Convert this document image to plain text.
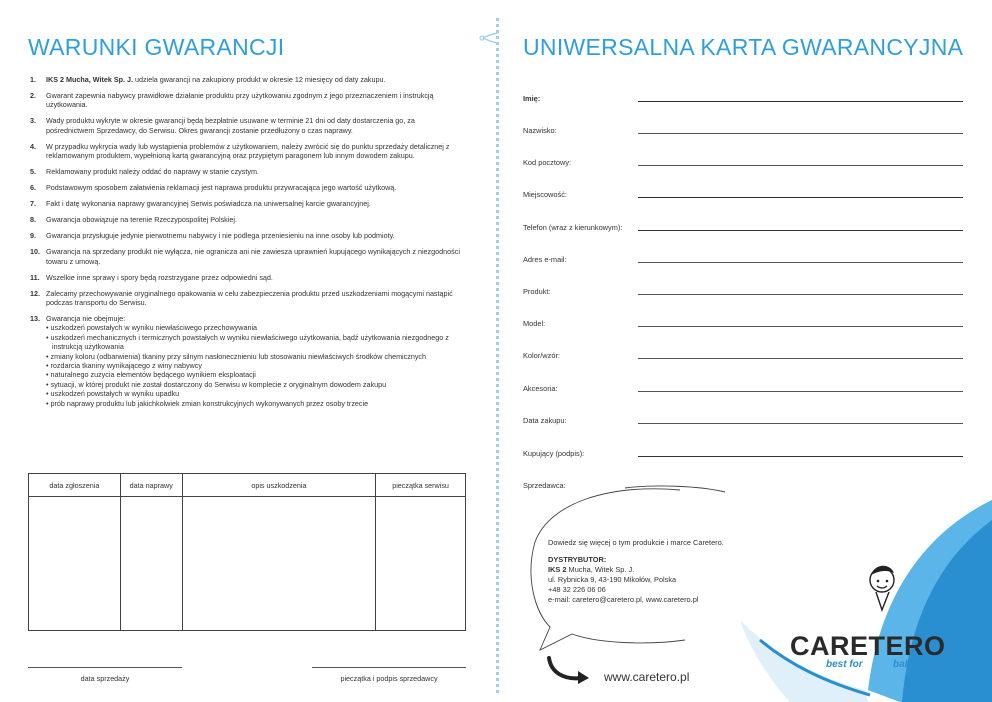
WARUNKI GWARANCJI
1.	IKS 2 Mucha, Witek Sp. J. udziela gwarancji na zakupiony produkt w okresie 12 miesięcy od daty zakupu.
2.	Gwarant zapewnia nabywcy prawidłowe działanie produktu przy użytkowaniu zgodnym z jego przeznaczeniem i instrukcją użytkowania.
3.	Wady produktu wykryte w okresie gwarancji będą bezpłatnie usuwane w terminie 21 dni od daty dostarczenia go, za pośrednictwem Sprzedawcy, do Serwisu. Okres gwarancji zostanie przedłużony o czas naprawy.
4.	W przypadku wykrycia wady lub wystąpienia problemów z użytkowaniem, należy zwrócić się do punktu sprzedaży detalicznej z reklamowanym produktem, wypełnioną kartą gwarancyjną oraz przypiętym paragonem lub innym dowodem zakupu.
5.	Reklamowany produkt należy oddać do naprawy w stanie czystym.
6.	Podstawowym sposobem załatwienia reklamacji jest naprawa produktu przywracająca jego wartość użytkową.
7.	Fakt i datę wykonania naprawy gwarancyjnej Serwis poświadcza na uniwersalnej karcie gwarancyjnej.
8.	Gwarancja obowiązuje na terenie Rzeczypospolitej Polskiej.
9.	Gwarancja przysługuje jedynie pierwotnemu nabywcy i nie podlega przeniesieniu na inne osoby lub podmioty.
10. Gwarancja na sprzedany produkt nie wyłącza, nie ogranicza ani nie zawiesza uprawnień kupującego wynikających z niezgodności towaru z umową.
11. Wszelkie inne sprawy i spory będą rozstrzygane przez odpowiedni sąd.
12. Zalecamy przechowywanie oryginalnego opakowania w celu zabezpieczenia produktu przed uszkodzeniami mogącymi nastąpić podczas transportu do Serwisu.
13. Gwarancja nie obejmuje:
• uszkodzeń powstałych w wyniku niewłaściwego przechowywania
• uszkodzeń mechanicznych i termicznych powstałych w wyniku niewłaściwego użytkowania, bądź użytkowania niezgodnego z instrukcją użytkowania
• zmiany koloru (odbarwienia) tkaniny przy silnym nasłonecznieniu lub stosowaniu niewłaściwych środków chemicznych
• rozdarcia tkaniny wynikającego z winy nabywcy
• naturalnego zużycia elementów będącego wynikiem eksploatacji
• sytuacji, w której produkt nie został dostarczony do Serwisu w komplecie z oryginalnym dowodem zakupu
• uszkodzeń powstałych w wyniku upadku
• prób naprawy produktu lub jakichkolwiek zmian konstrukcyjnych wykonywanych przez osoby trzecie
data zgłoszenia	data naprawy	opis uszkodzenia	pieczątka serwisu

data sprzedaży	pieczątka i podpis sprzedawcy
UNIWERSALNA KARTA GWARANCYJNA
Imię:
Nazwisko:
Kod pocztowy:
Miejscowość:
Telefon (wraz z kierunkowym):
Adres e-mail:
Produkt:
Model:
Kolor/wzór:
Akcesoria:
Data zakupu:
Kupujący (podpis):
Sprzedawca:
Dowiedz się więcej o tym produkcie i marce Caretero.
DYSTRYBUTOR:
IKS 2 Mucha, Witek Sp. J.
ul. Rybnicka 9, 43-190 Mikołów, Polska
+48 32 226 06 06
e-mail: caretero@caretero.pl, www.caretero.pl
www.caretero.pl
CARETERO
best for	babies
